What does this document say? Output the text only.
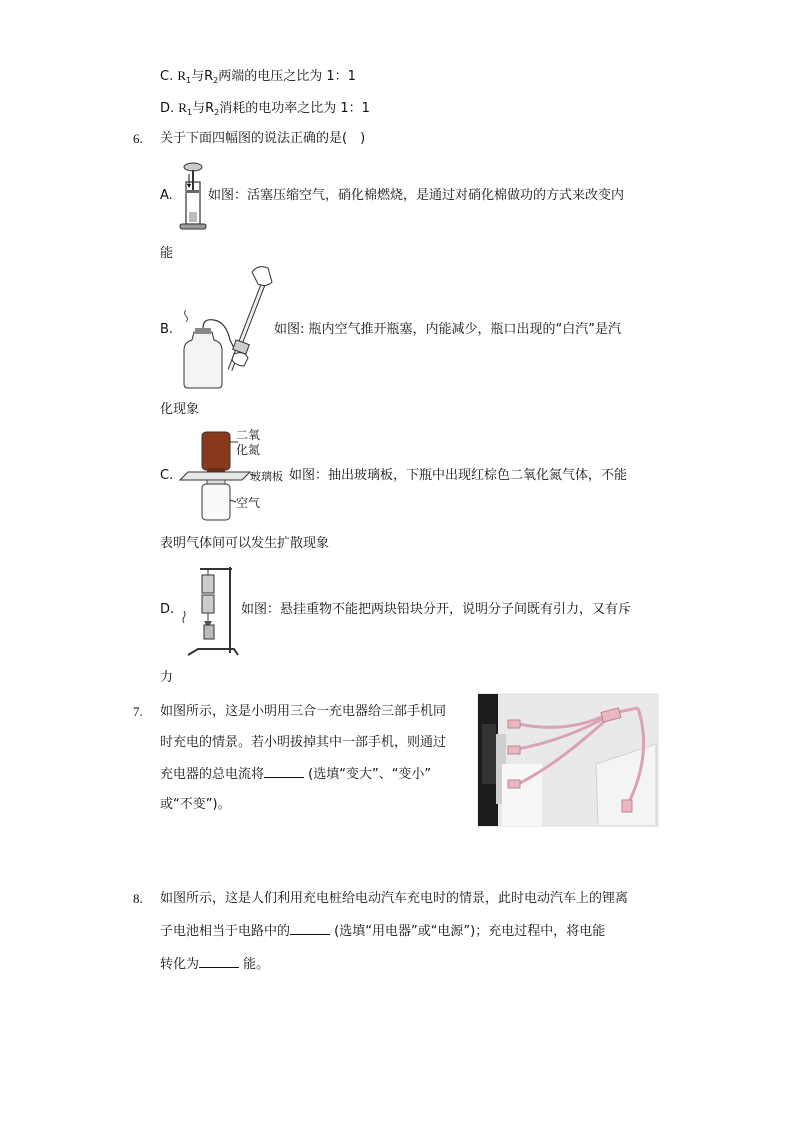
C. $R_1$与$R_2$两端的电压之比为 1：1
D. $R_1$与$R_2$消耗的电功率之比为 1：1
6. 关于下面四幅图的说法正确的是( )
A.	如图：活塞压缩空气，硝化棉燃烧，是通过对硝化棉做功的方式来改变内
能
B.	如图: 瓶内空气推开瓶塞，内能减少，瓶口出现的“白汽”是汽
化现象
C.
二氧
化氮
玻璃板
空气
如图：抽出玻璃板，下瓶中出现红棕色二氧化氮气体，不能
表明气体间可以发生扩散现象
D.	如图：悬挂重物不能把两块铅块分开，说明分子间既有引力，又有斥
力
7. 如图所示，这是小明用三合一充电器给三部手机同
时充电的情景。若小明拔掉其中一部手机，则通过
充电器的总电流将	(选填“变大”、“变小”
或“不变”)。
8. 如图所示，这是人们利用充电桩给电动汽车充电时的情景，此时电动汽车上的锂离
子电池相当于电路中的	(选填“用电器”或“电源”)；充电过程中，将电能
转化为	能。
